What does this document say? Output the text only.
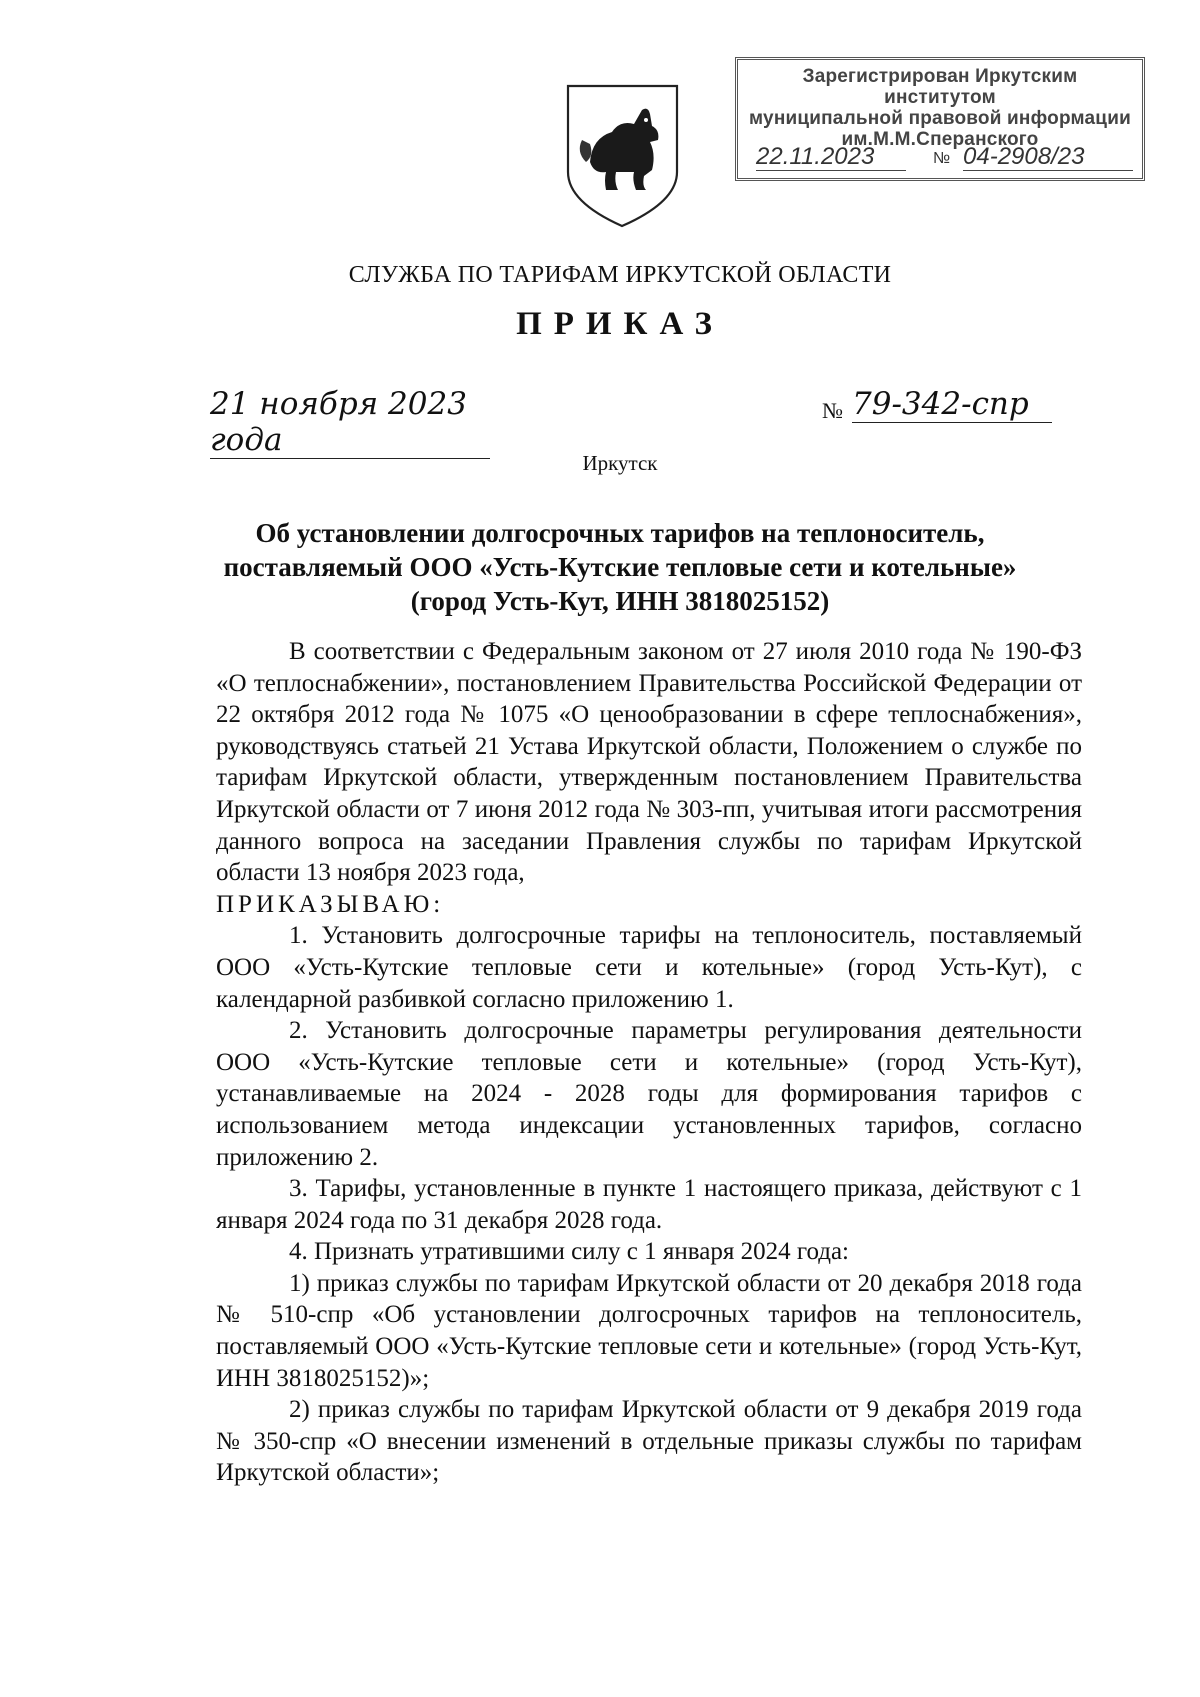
Зарегистрирован Иркутским институтом
муниципальной правовой информации
им.М.М.Сперанского
22.11.2023	№ 04-2908/23
СЛУЖБА ПО ТАРИФАМ ИРКУТСКОЙ ОБЛАСТИ
ПРИКАЗ
21 ноября 2023 года
№ 79-342-спр
Иркутск
Об установлении долгосрочных тарифов на теплоноситель,
поставляемый ООО «Усть-Кутские тепловые сети и котельные»
(город Усть-Кут, ИНН 3818025152)

В соответствии с Федеральным законом от 27 июля 2010 года № 190-ФЗ «О теплоснабжении», постановлением Правительства Российской Федерации от 22 октября 2012 года № 1075 «О ценообразовании в сфере теплоснабжения», руководствуясь статьей 21 Устава Иркутской области, Положением о службе по тарифам Иркутской области, утвержденным постановлением Правительства Иркутской области от 7 июня 2012 года № 303-пп, учитывая итоги рассмотрения данного вопроса на заседании Правления службы по тарифам Иркутской области 13 ноября 2023 года,

ПРИКАЗЫВАЮ:

1. Установить долгосрочные тарифы на теплоноситель, поставляемый ООО «Усть-Кутские тепловые сети и котельные» (город Усть-Кут), с календарной разбивкой согласно приложению 1.

2. Установить долгосрочные параметры регулирования деятельности ООО «Усть-Кутские тепловые сети и котельные» (город Усть-Кут), устанавливаемые на 2024 - 2028 годы для формирования тарифов с использованием метода индексации установленных тарифов, согласно приложению 2.

3. Тарифы, установленные в пункте 1 настоящего приказа, действуют с 1 января 2024 года по 31 декабря 2028 года.

4. Признать утратившими силу с 1 января 2024 года:

1) приказ службы по тарифам Иркутской области от 20 декабря 2018 года № 510-спр «Об установлении долгосрочных тарифов на теплоноситель, поставляемый ООО «Усть-Кутские тепловые сети и котельные» (город Усть-Кут, ИНН 3818025152)»;

2) приказ службы по тарифам Иркутской области от 9 декабря 2019 года № 350-спр «О внесении изменений в отдельные приказы службы по тарифам Иркутской области»;
